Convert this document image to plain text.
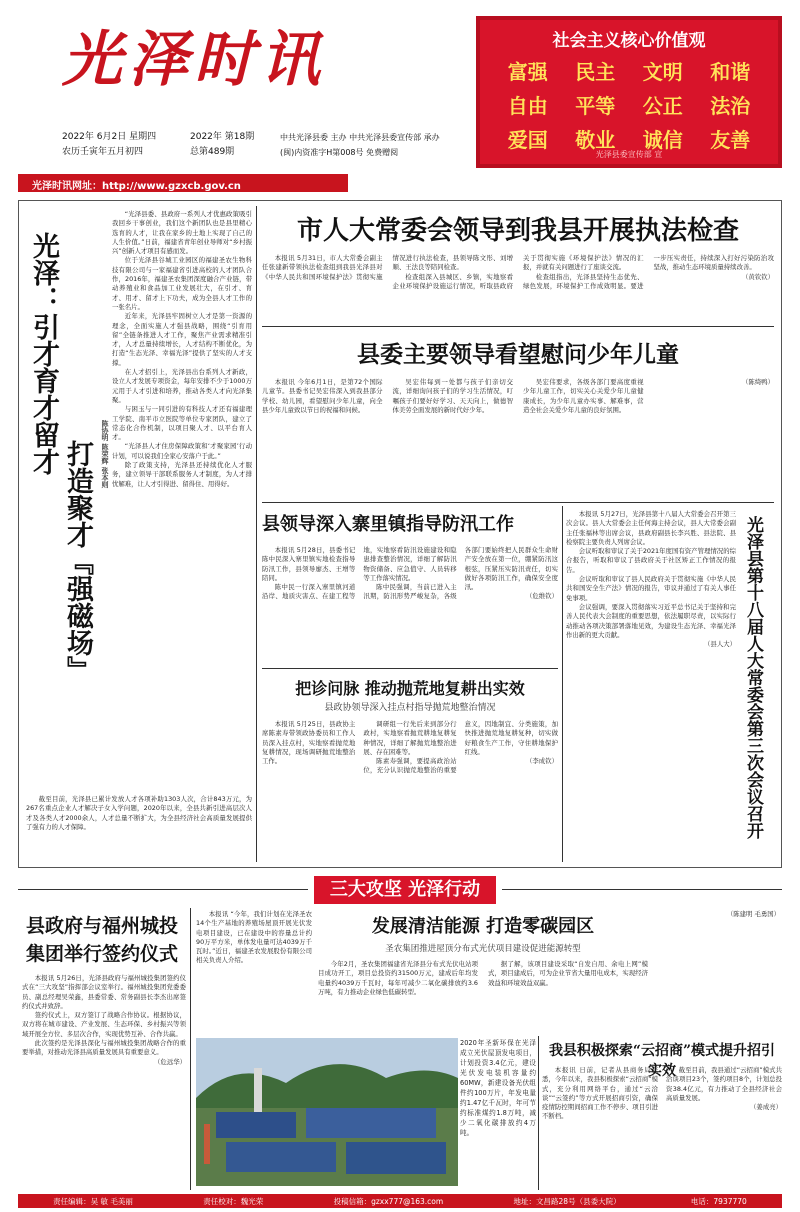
光泽时讯
2022年 6月2日 星期四
农历壬寅年五月初四
2022年 第18期
总第489期
中共光泽县委 主办 中共光泽县委宣传部 承办
(闽)内资准字H第008号 免费赠阅
社会主义核心价值观
富强	民主	文明	和谐
自由	平等	公正	法治
爱国	敬业	诚信	友善
光泽县委宣传部 宣
光泽时讯网址：http://www.gzxcb.gov.cn
光泽：引才育才留才
打造聚才『强磁场』 陈协明 陈荣辉 张本则

“光泽县委、县政府一系列人才优惠政策吸引我回乡干事创业，我们这个新团队也是县里精心选育的人才，让我在家乡的土地上实现了自己的人生价值。”日前，福建省青年创业导师对“乡村振兴”创新人才项目有感而发。

位于光泽县谷城工业园区的福建圣农生物科技有限公司与一家福建省引进高校的人才团队合作，2016年，福建圣农集团深度融合产业链，带动养殖业和食品加工业发展壮大，在引才、育才、用才、留才上下功夫，成为全县人才工作的一张名片。

近年来，光泽县牢固树立人才是第一资源的理念，全面实施人才强县战略，围绕“引育用留”全链条推进人才工作，聚焦产业需求精准引才，人才总量持续增长，人才结构不断优化，为打造“生态光泽、幸福光泽”提供了坚实的人才支撑。

在人才招引上，光泽县出台系列人才新政，设立人才发展专项资金，每年安排不少于1000万元用于人才引进和培养，推动各类人才向光泽集聚。

与困玉与一同引进的有科技人才还有福建理工学院、南平市立医院等单位专家团队，建立了常态化合作机制，以项目聚人才、以平台育人才。

“光泽县人才住房保障政策和‘才聚家园’行动计划，可以说我们全家心安落户于此。”

除了政策支持，光泽县还持续优化人才服务，建立领导干部联系服务人才制度，为人才排忧解难，让人才引得进、留得住、用得好。

截至目前，光泽县已累计发放人才各项补助1303人次，合计843万元，为267名重点企业人才解决子女入学问题，2020年以来，全县共新引进高层次人才及各类人才2000余人，人才总量不断扩大，为全县经济社会高质量发展提供了强有力的人才保障。

市人大常委会领导到我县开展执法检查

本报讯 5月31日，市人大常委会副主任张建新带领执法检查组到我县光泽县对《中华人民共和国环境保护法》贯彻实施情况进行执法检查，县领导陈文彤、刘增顺、王法良等陪同检查。

检查组深入县城区、乡镇，实地察看企业环境保护设施运行情况，听取县政府关于贯彻实施《环境保护法》情况的汇报，并就有关问题进行了座谈交流。

检查组指出，光泽县坚持生态优先、绿色发展，环境保护工作成效明显。要进一步压实责任，持续深入打好污染防治攻坚战，推动生态环境质量持续改善。

（黄钦钦）

县委主要领导看望慰问少年儿童

本报讯 今年6月1日，是第72个国际儿童节。县委书记吴宏伟深入到我县部分学校、幼儿园，看望慰问少年儿童，向全县少年儿童致以节日的祝福和问候。

吴宏伟每到一处都与孩子们亲切交流，详细询问孩子们的学习生活情况，叮嘱孩子们要好好学习、天天向上，做德智体美劳全面发展的新时代好少年。

吴宏伟要求，各级各部门要高度重视少年儿童工作，切实关心关爱少年儿童健康成长，为少年儿童办实事、解难事，营造全社会关爱少年儿童的良好氛围。

（陈绮鸭）

县领导深入寨里镇指导防汛工作

本报讯 5月28日，县委书记陈中民深入寨里镇实地检查指导防汛工作，县领导廖杰、王增等陪同。

陈中民一行深入寨里镇河道沿岸、地质灾害点、在建工程等地，实地察看防汛设施建设和隐患排查整治情况，详细了解防汛物资储备、应急值守、人员转移等工作落实情况。

陈中民强调，当前已进入主汛期，防汛形势严峻复杂，各级各部门要始终把人民群众生命财产安全放在第一位，绷紧防汛这根弦，压紧压实防汛责任，切实做好各项防汛工作，确保安全度汛。

（危维钦）

把诊问脉 推动抛荒地复耕出实效
县政协领导深入挂点村指导抛荒地整治情况

本报讯 5月25日，县政协主席陈素寿带领政协委员和工作人员深入挂点村，实地察看抛荒地复耕情况，现场调研抛荒地整治工作。

调研组一行先后来到部分行政村，实地察看抛荒耕地复耕复种情况，详细了解抛荒地整治进展、存在困难等。

陈素寿强调，要提高政治站位，充分认识抛荒地整治的重要意义，因地制宜、分类施策，加快推进抛荒地复耕复种，切实做好粮食生产工作，守住耕地保护红线。

（李成钦）

本报讯 5月27日，光泽县第十八届人大常委会召开第三次会议。县人大常委会主任何海主持会议，县人大常委会副主任张福林等出席会议，县政府副县长李兴胜、县法院、县检察院主要负责人列席会议。

会议听取和审议了关于2021年度国有资产管理情况的综合报告，听取和审议了县政府关于社区矫正工作情况的报告。

会议听取和审议了县人民政府关于贯彻实施《中华人民共和国安全生产法》情况的报告，审议并通过了有关人事任免事项。

会议强调，要深入贯彻落实习近平总书记关于坚持和完善人民代表大会制度的重要思想，依法履职尽责，以实际行动推动各项决策部署落地见效，为建设生态光泽、幸福光泽作出新的更大贡献。

（县人大） 光泽县第十八届人大常委会第三次会议召开
三大攻坚 光泽行动
县政府与福州城投集团举行签约仪式

本报讯 5月26日，光泽县政府与福州城投集团签约仪式在“三大攻坚”指挥部会议室举行。福州城投集团党委委员、副总经理吴荣鑫，县委常委、常务副县长李杰出席签约仪式并致辞。

签约仪式上，双方签订了战略合作协议。根据协议，双方将在城市建设、产业发展、生态环保、乡村振兴等领域开展全方位、多层次合作，实现优势互补、合作共赢。

此次签约是光泽县深化与福州城投集团战略合作的重要举措，对推动光泽县高质量发展具有重要意义。

（危远华）

发展清洁能源 打造零碳园区
圣农集团推进屋顶分布式光伏项目建设促进能源转型

本报讯 “今年，我们计划在光泽圣农14个生产基地的养殖场屋顶开展光伏发电项目建设，已在建设中的容量总计约90万平方米，单体发电量可达4039万千瓦时。”近日，福建圣农发展股份有限公司相关负责人介绍。	今年2月，圣农集团福建省光泽县分布式光伏电站项目成功开工，项目总投资约31500万元，建成后年均发电量约4039万千瓦时，每年可减少二氧化碳排放约3.6万吨，有力推动企业绿色低碳转型。

据了解，该项目建设采取“自发自用、余电上网”模式，项目建成后，可为企业节省大量用电成本，实现经济效益和环境效益双赢。

（陈建明 毛勇国）

2020年圣新环保在光泽成立光伏屋顶发电项目，计划投资3.4亿元，建设光伏发电装机容量约60MW，新建设备光伏组件约100万片，年发电量约1.47亿千瓦时，年可节约标准煤约1.8万吨，减少二氧化碳排放约4万吨。
我县积极探索“云招商”模式提升招引实效

本报讯 日前，记者从县商务局获悉，今年以来，我县积极探索“云招商”模式，充分利用网络平台，通过“云洽谈”“云签约”等方式开展招商引资，确保疫情防控期间招商工作不停步、项目引进不断档。

截至目前，我县通过“云招商”模式共洽谈项目23个，签约项目8个，计划总投资38.4亿元，有力推动了全县经济社会高质量发展。

（姜成亮）

责任编辑：吴 敏 毛美丽	责任校对：魏光荣	投稿信箱：gzxx777@163.com	地址：文昌路28号（县委大院）	电话：7937770
